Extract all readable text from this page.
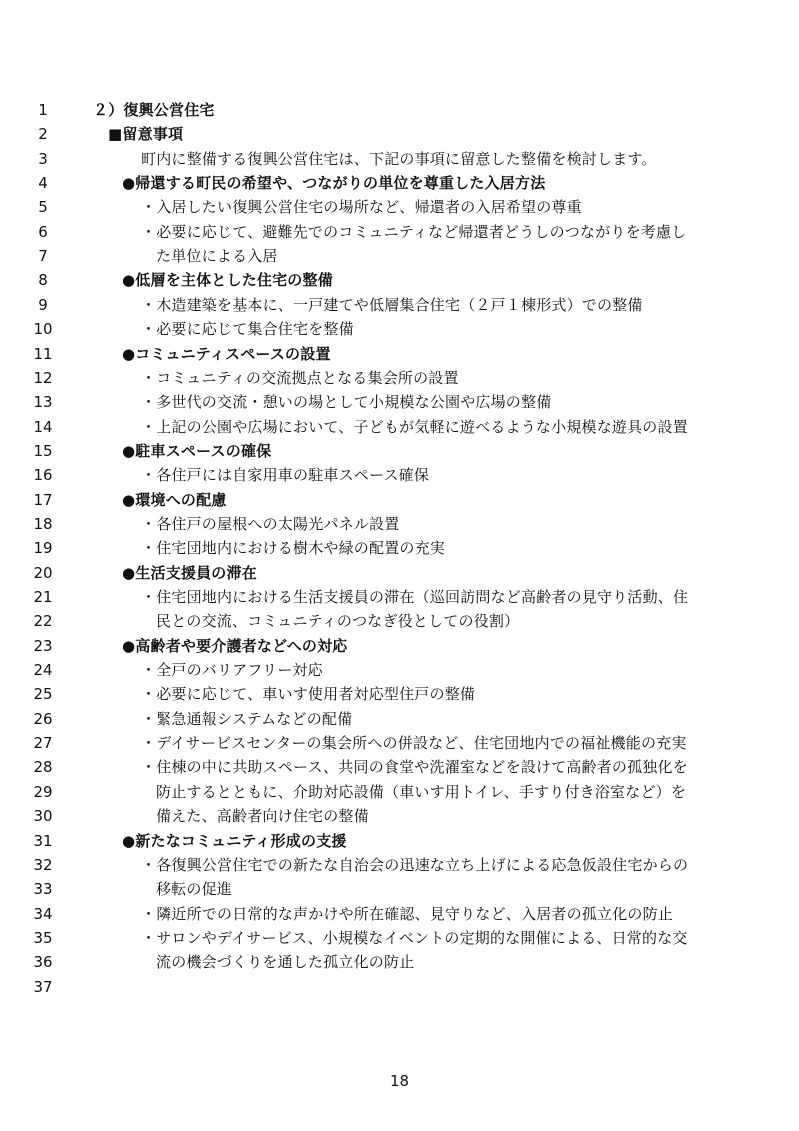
1	２）復興公営住宅
2	■留意事項
3	町内に整備する復興公営住宅は、下記の事項に留意した整備を検討します。
4	●帰還する町民の希望や、つながりの単位を尊重した入居方法
5	・入居したい復興公営住宅の場所など、帰還者の入居希望の尊重
6	・必要に応じて、避難先でのコミュニティなど帰還者どうしのつながりを考慮し
7	た単位による入居
8	●低層を主体とした住宅の整備
9	・木造建築を基本に、一戸建てや低層集合住宅（２戸１棟形式）での整備
10	・必要に応じて集合住宅を整備
11	●コミュニティスペースの設置
12	・コミュニティの交流拠点となる集会所の設置
13	・多世代の交流・憩いの場として小規模な公園や広場の整備
14	・上記の公園や広場において、子どもが気軽に遊べるような小規模な遊具の設置
15	●駐車スペースの確保
16	・各住戸には自家用車の駐車スペース確保
17	●環境への配慮
18	・各住戸の屋根への太陽光パネル設置
19	・住宅団地内における樹木や緑の配置の充実
20	●生活支援員の滞在
21	・住宅団地内における生活支援員の滞在（巡回訪問など高齢者の見守り活動、住
22	民との交流、コミュニティのつなぎ役としての役割）
23	●高齢者や要介護者などへの対応
24	・全戸のバリアフリー対応
25	・必要に応じて、車いす使用者対応型住戸の整備
26	・緊急通報システムなどの配備
27	・デイサービスセンターの集会所への併設など、住宅団地内での福祉機能の充実
28	・住棟の中に共助スペース、共同の食堂や洗濯室などを設けて高齢者の孤独化を
29	防止するとともに、介助対応設備（車いす用トイレ、手すり付き浴室など）を
30	備えた、高齢者向け住宅の整備
31	●新たなコミュニティ形成の支援
32	・各復興公営住宅での新たな自治会の迅速な立ち上げによる応急仮設住宅からの
33	移転の促進
34	・隣近所での日常的な声かけや所在確認、見守りなど、入居者の孤立化の防止
35	・サロンやデイサービス、小規模なイベントの定期的な開催による、日常的な交
36	流の機会づくりを通した孤立化の防止
37
18
